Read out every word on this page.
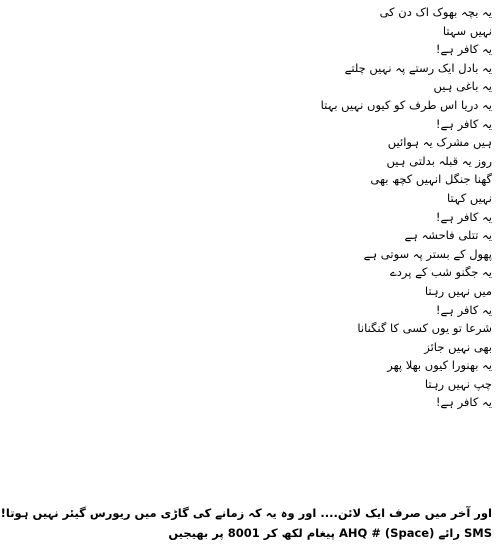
یہ بچہ بھوک اک دن کی
نہیں سہتا
یہ کافر ہے!
یہ بادل ایک رستے پہ نہیں چلتے
یہ باغی ہیں
یہ دریا اس طرف کو کیوں نہیں بہتا
یہ کافر ہے!
ہیں مشرک یہ ہوائیں
روز یہ قبلہ بدلتی ہیں
گھنا جنگل انہیں کچھ بھی
نہیں کہتا
یہ کافر ہے!
یہ تتلی فاحشہ ہے
پھول کے بستر پہ سوتی ہے
یہ جگنو شب کے پردے
میں نہیں رہتا
یہ کافر ہے!
شرعا تو یوں کسی کا گنگنانا
بھی نہیں جائز
یہ بھنورا کیوں بھلا پھر
چپ نہیں رہتا
یہ کافر ہے!
اور آخر میں صرف ایک لائن.... اور وہ یہ کہ زمانے کی گاڑی میں ریورس گیئر نہیں ہوتا!
SMS رائے AHQ # (Space) پیغام لکھ کر 8001 پر بھیجیں
